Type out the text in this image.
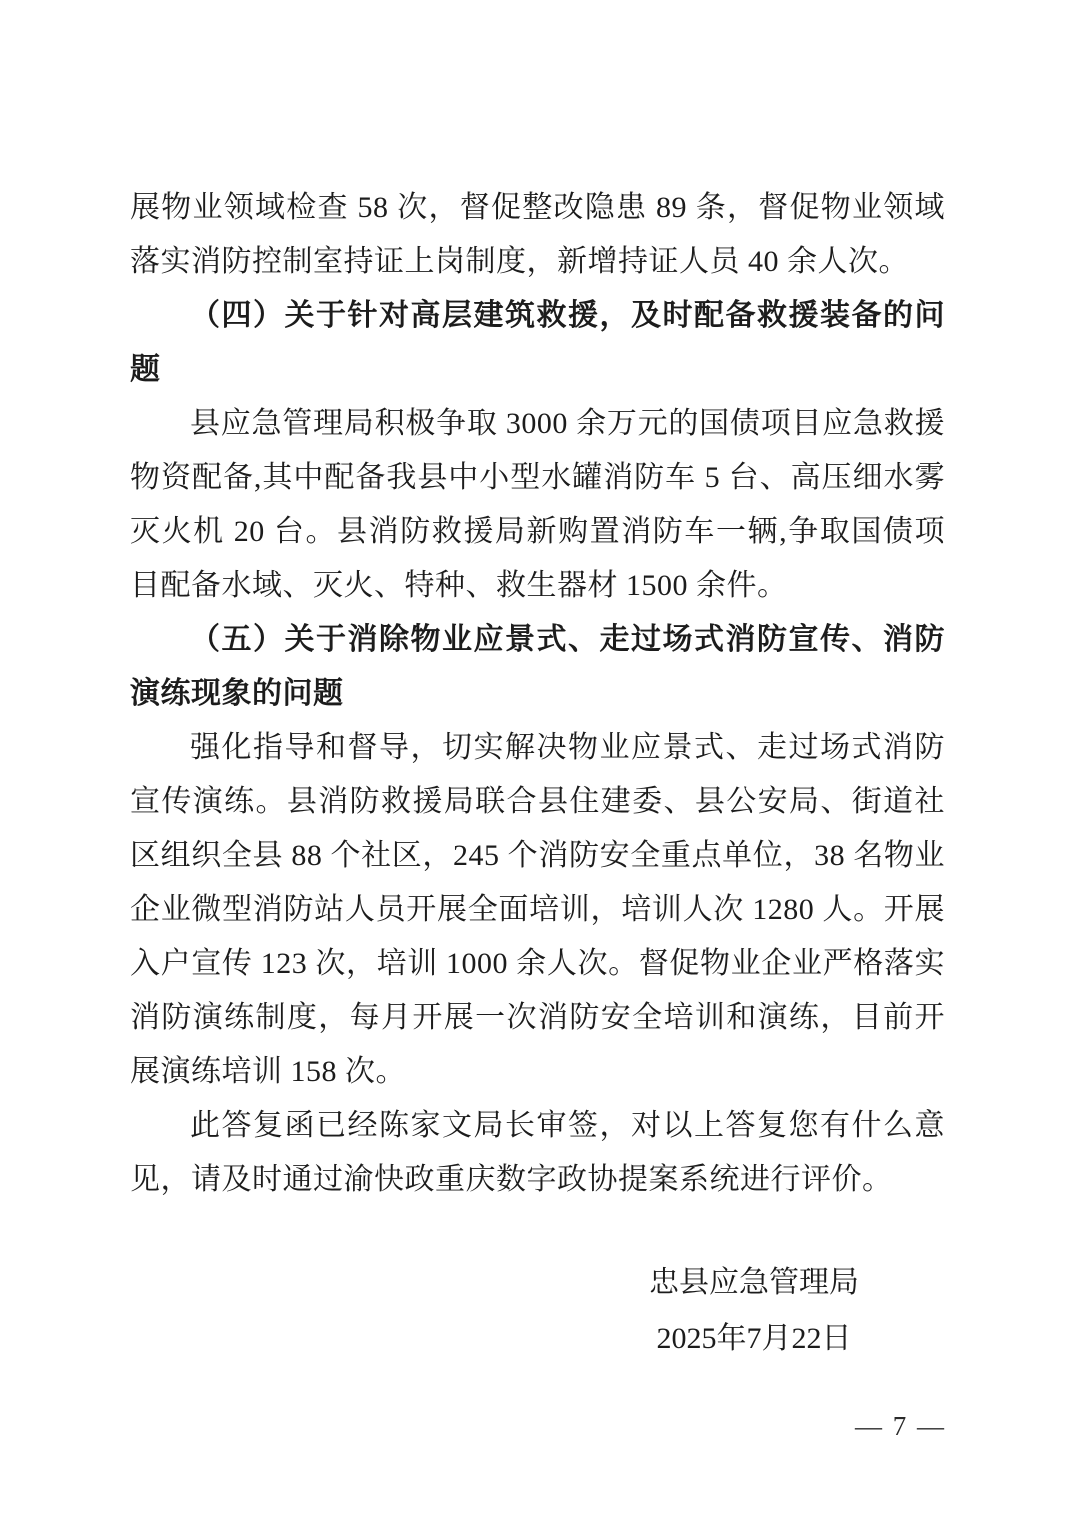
展物业领域检查 58 次，督促整改隐患 89 条，督促物业领域落实消防控制室持证上岗制度，新增持证人员 40 余人次。

（四）关于针对高层建筑救援，及时配备救援装备的问题

县应急管理局积极争取 3000 余万元的国债项目应急救援物资配备,其中配备我县中小型水罐消防车 5 台、高压细水雾灭火机 20 台。县消防救援局新购置消防车一辆,争取国债项目配备水域、灭火、特种、救生器材 1500 余件。

（五）关于消除物业应景式、走过场式消防宣传、消防演练现象的问题

强化指导和督导，切实解决物业应景式、走过场式消防宣传演练。县消防救援局联合县住建委、县公安局、街道社区组织全县 88 个社区，245 个消防安全重点单位，38 名物业企业微型消防站人员开展全面培训，培训人次 1280 人。开展入户宣传 123 次，培训 1000 余人次。督促物业企业严格落实消防演练制度，每月开展一次消防安全培训和演练，目前开展演练培训 158 次。

此答复函已经陈家文局长审签，对以上答复您有什么意见，请及时通过渝快政重庆数字政协提案系统进行评价。

忠县应急管理局
2025年7月22日
— 7 —
